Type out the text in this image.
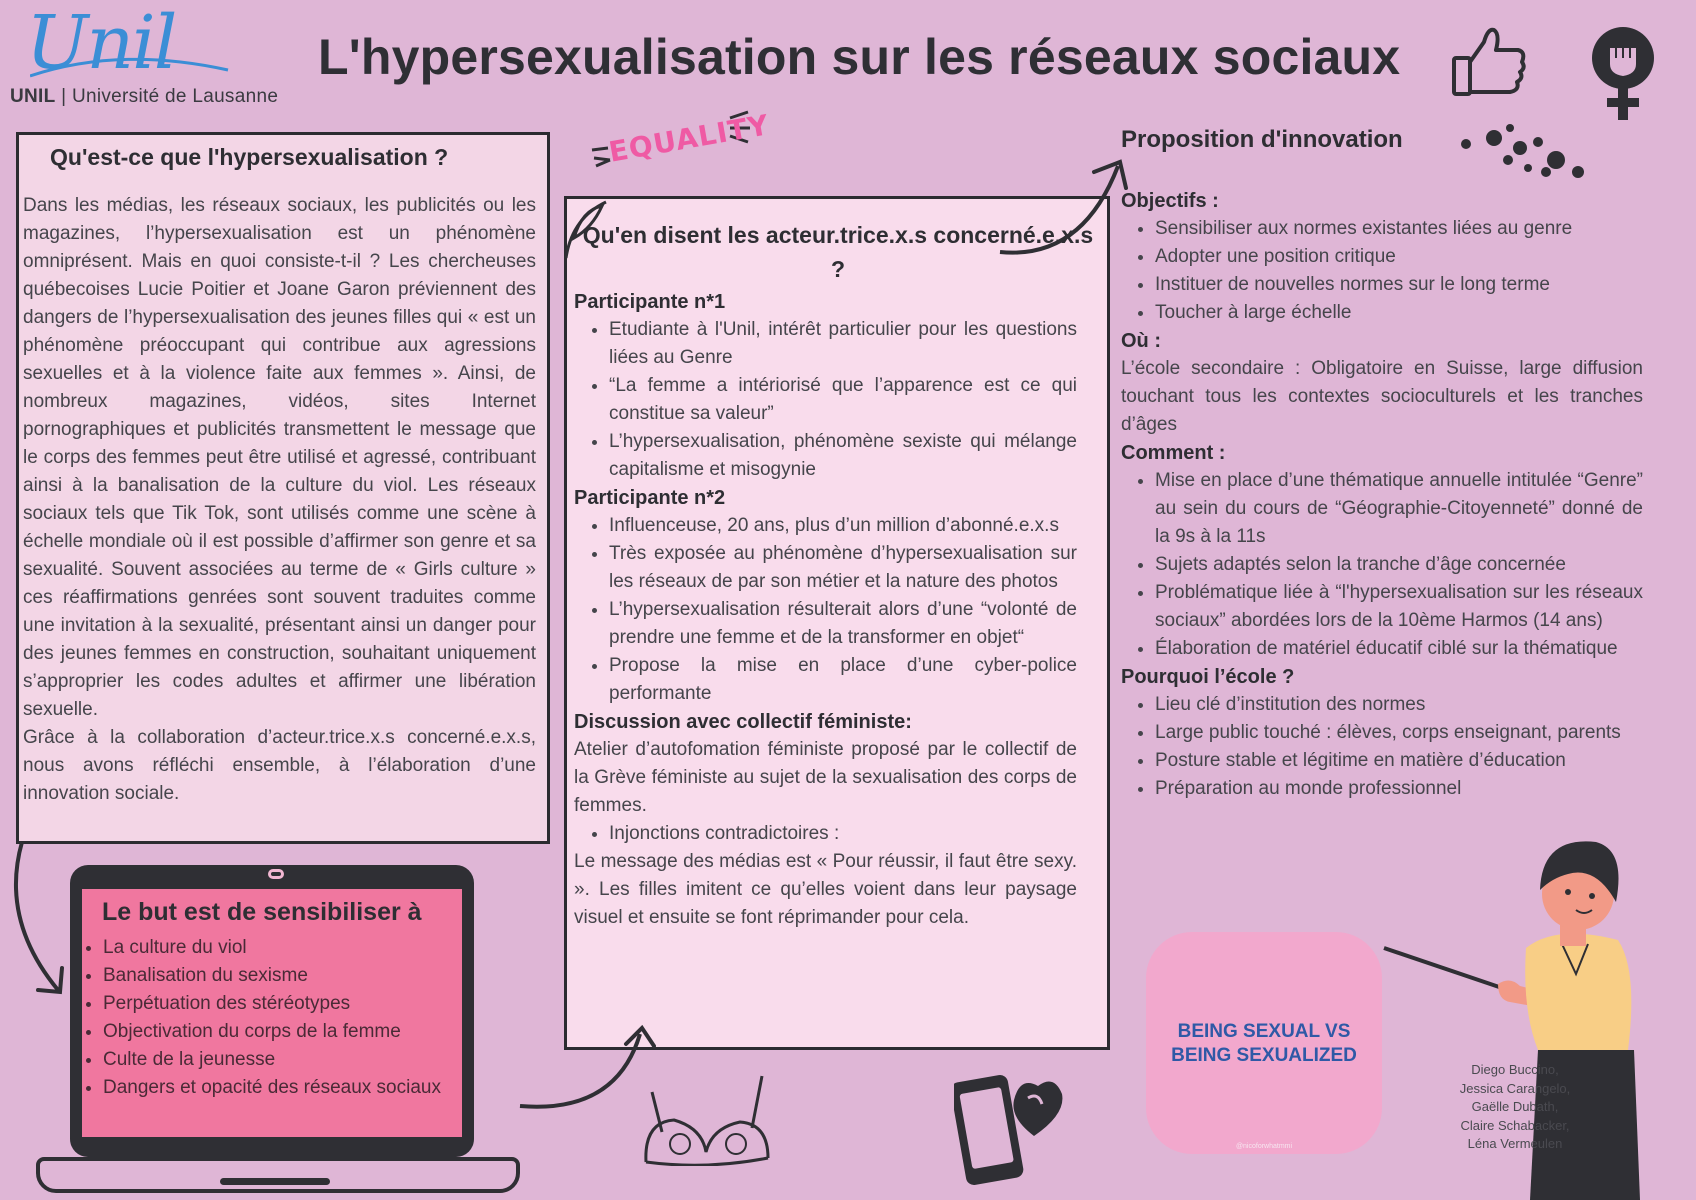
Unil
UNIL | Université de Lausanne
L'hypersexualisation sur les réseaux sociaux
EQUALITY
Qu'est-ce que l'hypersexualisation ?
Dans les médias, les réseaux sociaux, les publicités ou les magazines, l’hypersexualisation est un phénomène omniprésent. Mais en quoi consiste-t-il ? Les chercheuses québecoises Lucie Poitier et Joane Garon préviennent des dangers de l’hypersexualisation des jeunes filles qui « est un phénomène préoccupant qui contribue aux agressions sexuelles et à la violence faite aux femmes ». Ainsi, de nombreux magazines, vidéos, sites Internet pornographiques et publicités transmettent le message que le corps des femmes peut être utilisé et agressé, contribuant ainsi à la banalisation de la culture du viol. Les réseaux sociaux tels que Tik Tok, sont utilisés comme une scène à échelle mondiale où il est possible d’affirmer son genre et sa sexualité. Souvent associées au terme de « Girls culture » ces réaffirmations genrées sont souvent traduites comme une invitation à la sexualité, présentant ainsi un danger pour des jeunes femmes en construction, souhaitant uniquement s’approprier les codes adultes et affirmer une libération sexuelle.
Grâce à la collaboration d’acteur.trice.x.s concerné.e.x.s, nous avons réfléchi ensemble, à l’élaboration d’une innovation sociale.
Le but est de sensibiliser à
• La culture du viol
• Banalisation du sexisme
• Perpétuation des stéréotypes
• Objectivation du corps de la femme
• Culte de la jeunesse
• Dangers et opacité des réseaux sociaux
Qu'en disent les acteur.trice.x.s concerné.e.x.s ?
Participante n*1
• Etudiante à l'Unil, intérêt particulier pour les questions liées au Genre
• “La femme a intériorisé que l’apparence est ce qui constitue sa valeur”
• L’hypersexualisation, phénomène sexiste qui mélange capitalisme et misogynie
Participante n*2
• Influenceuse, 20 ans, plus d’un million d’abonné.e.x.s
• Très exposée au phénomène d’hypersexualisation sur les réseaux de par son métier et la nature des photos
• L’hypersexualisation résulterait alors d’une “volonté de prendre une femme et de la transformer en objet“
• Propose la mise en place d’une cyber-police performante
Discussion avec collectif féministe:

Atelier d’autofomation féministe proposé par le collectif de la Grève féministe au sujet de la sexualisation des corps de femmes.

• Injonctions contradictoires :

Le message des médias est « Pour réussir, il faut être sexy. ». Les filles imitent ce qu’elles voient dans leur paysage visuel et ensuite se font réprimander pour cela.

Proposition d'innovation
Objectifs :
• Sensibiliser aux normes existantes liées au genre
• Adopter une position critique
• Instituer de nouvelles normes sur le long terme
• Toucher à large échelle
Où :

L’école secondaire : Obligatoire en Suisse, large diffusion touchant tous les contextes socioculturels et les tranches d’âges

Comment :
• Mise en place d’une thématique annuelle intitulée “Genre” au sein du cours de “Géographie-Citoyenneté” donné de la 9s à la 11s
• Sujets adaptés selon la tranche d’âge concernée
• Problématique liée à “l'hypersexualisation sur les réseaux sociaux” abordées lors de la 10ème Harmos (14 ans)
• Élaboration de matériel éducatif ciblé sur la thématique
Pourquoi l’école ?
• Lieu clé d’institution des normes
• Large public touché : élèves, corps enseignant, parents
• Posture stable et légitime en matière d’éducation
• Préparation au monde professionnel
BEING SEXUAL VS
BEING SEXUALIZED
@nicoforwhatmmi
Diego Buccino,
Jessica Carangelo,
Gaëlle Dubath,
Claire Schabacker,
Léna Vermeulen
